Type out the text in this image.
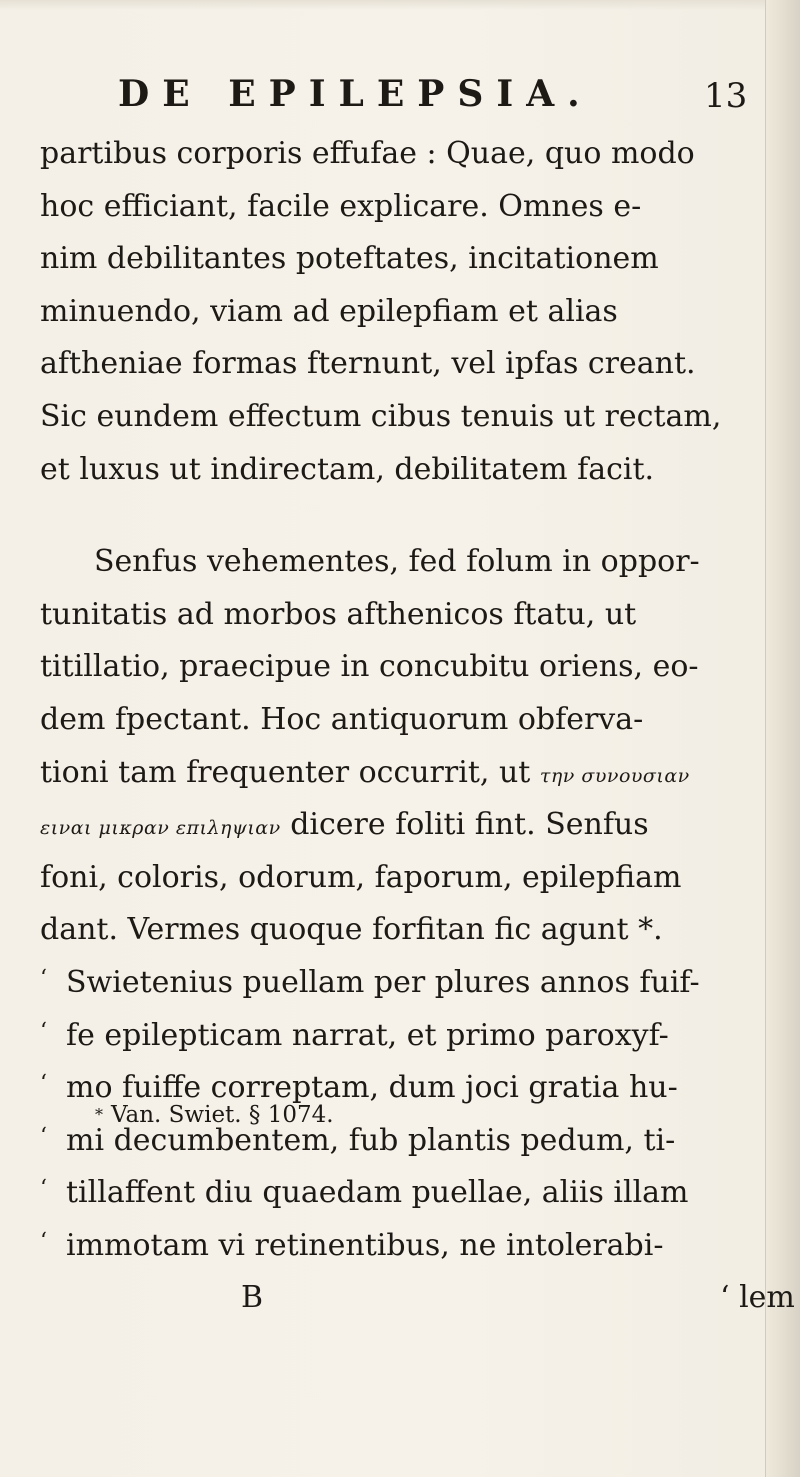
DE EPILEPSIA.	13
partibus corporis effufae : Quae, quo modo
hoc efficiant, facile explicare. Omnes e-
nim debilitantes poteftates, incitationem
minuendo, viam ad epilepfiam et alias
aftheniae formas fternunt, vel ipfas creant.
Sic eundem effectum cibus tenuis ut rectam,
et luxus ut indirectam, debilitatem facit.
Senfus vehementes, fed folum in oppor-
tunitatis ad morbos afthenicos ftatu, ut
titillatio, praecipue in concubitu oriens, eo-
dem fpectant. Hoc antiquorum obferva-
tioni tam frequenter occurrit, ut την συνουσιαν
ειναι μικραν επιληψιαν dicere foliti fint. Senfus
foni, coloris, odorum, faporum, epilepfiam
dant. Vermes quoque forfitan fic agunt *.
‘ Swietenius puellam per plures annos fuif-
‘ fe epilepticam narrat, et primo paroxyf-
‘ mo fuiffe correptam, dum joci gratia hu-
‘ mi decumbentem, fub plantis pedum, ti-
‘ tillaffent diu quaedam puellae, aliis illam
‘ immotam vi retinentibus, ne intolerabi-
B	‘ lem
* Van. Swiet. § 1074.
